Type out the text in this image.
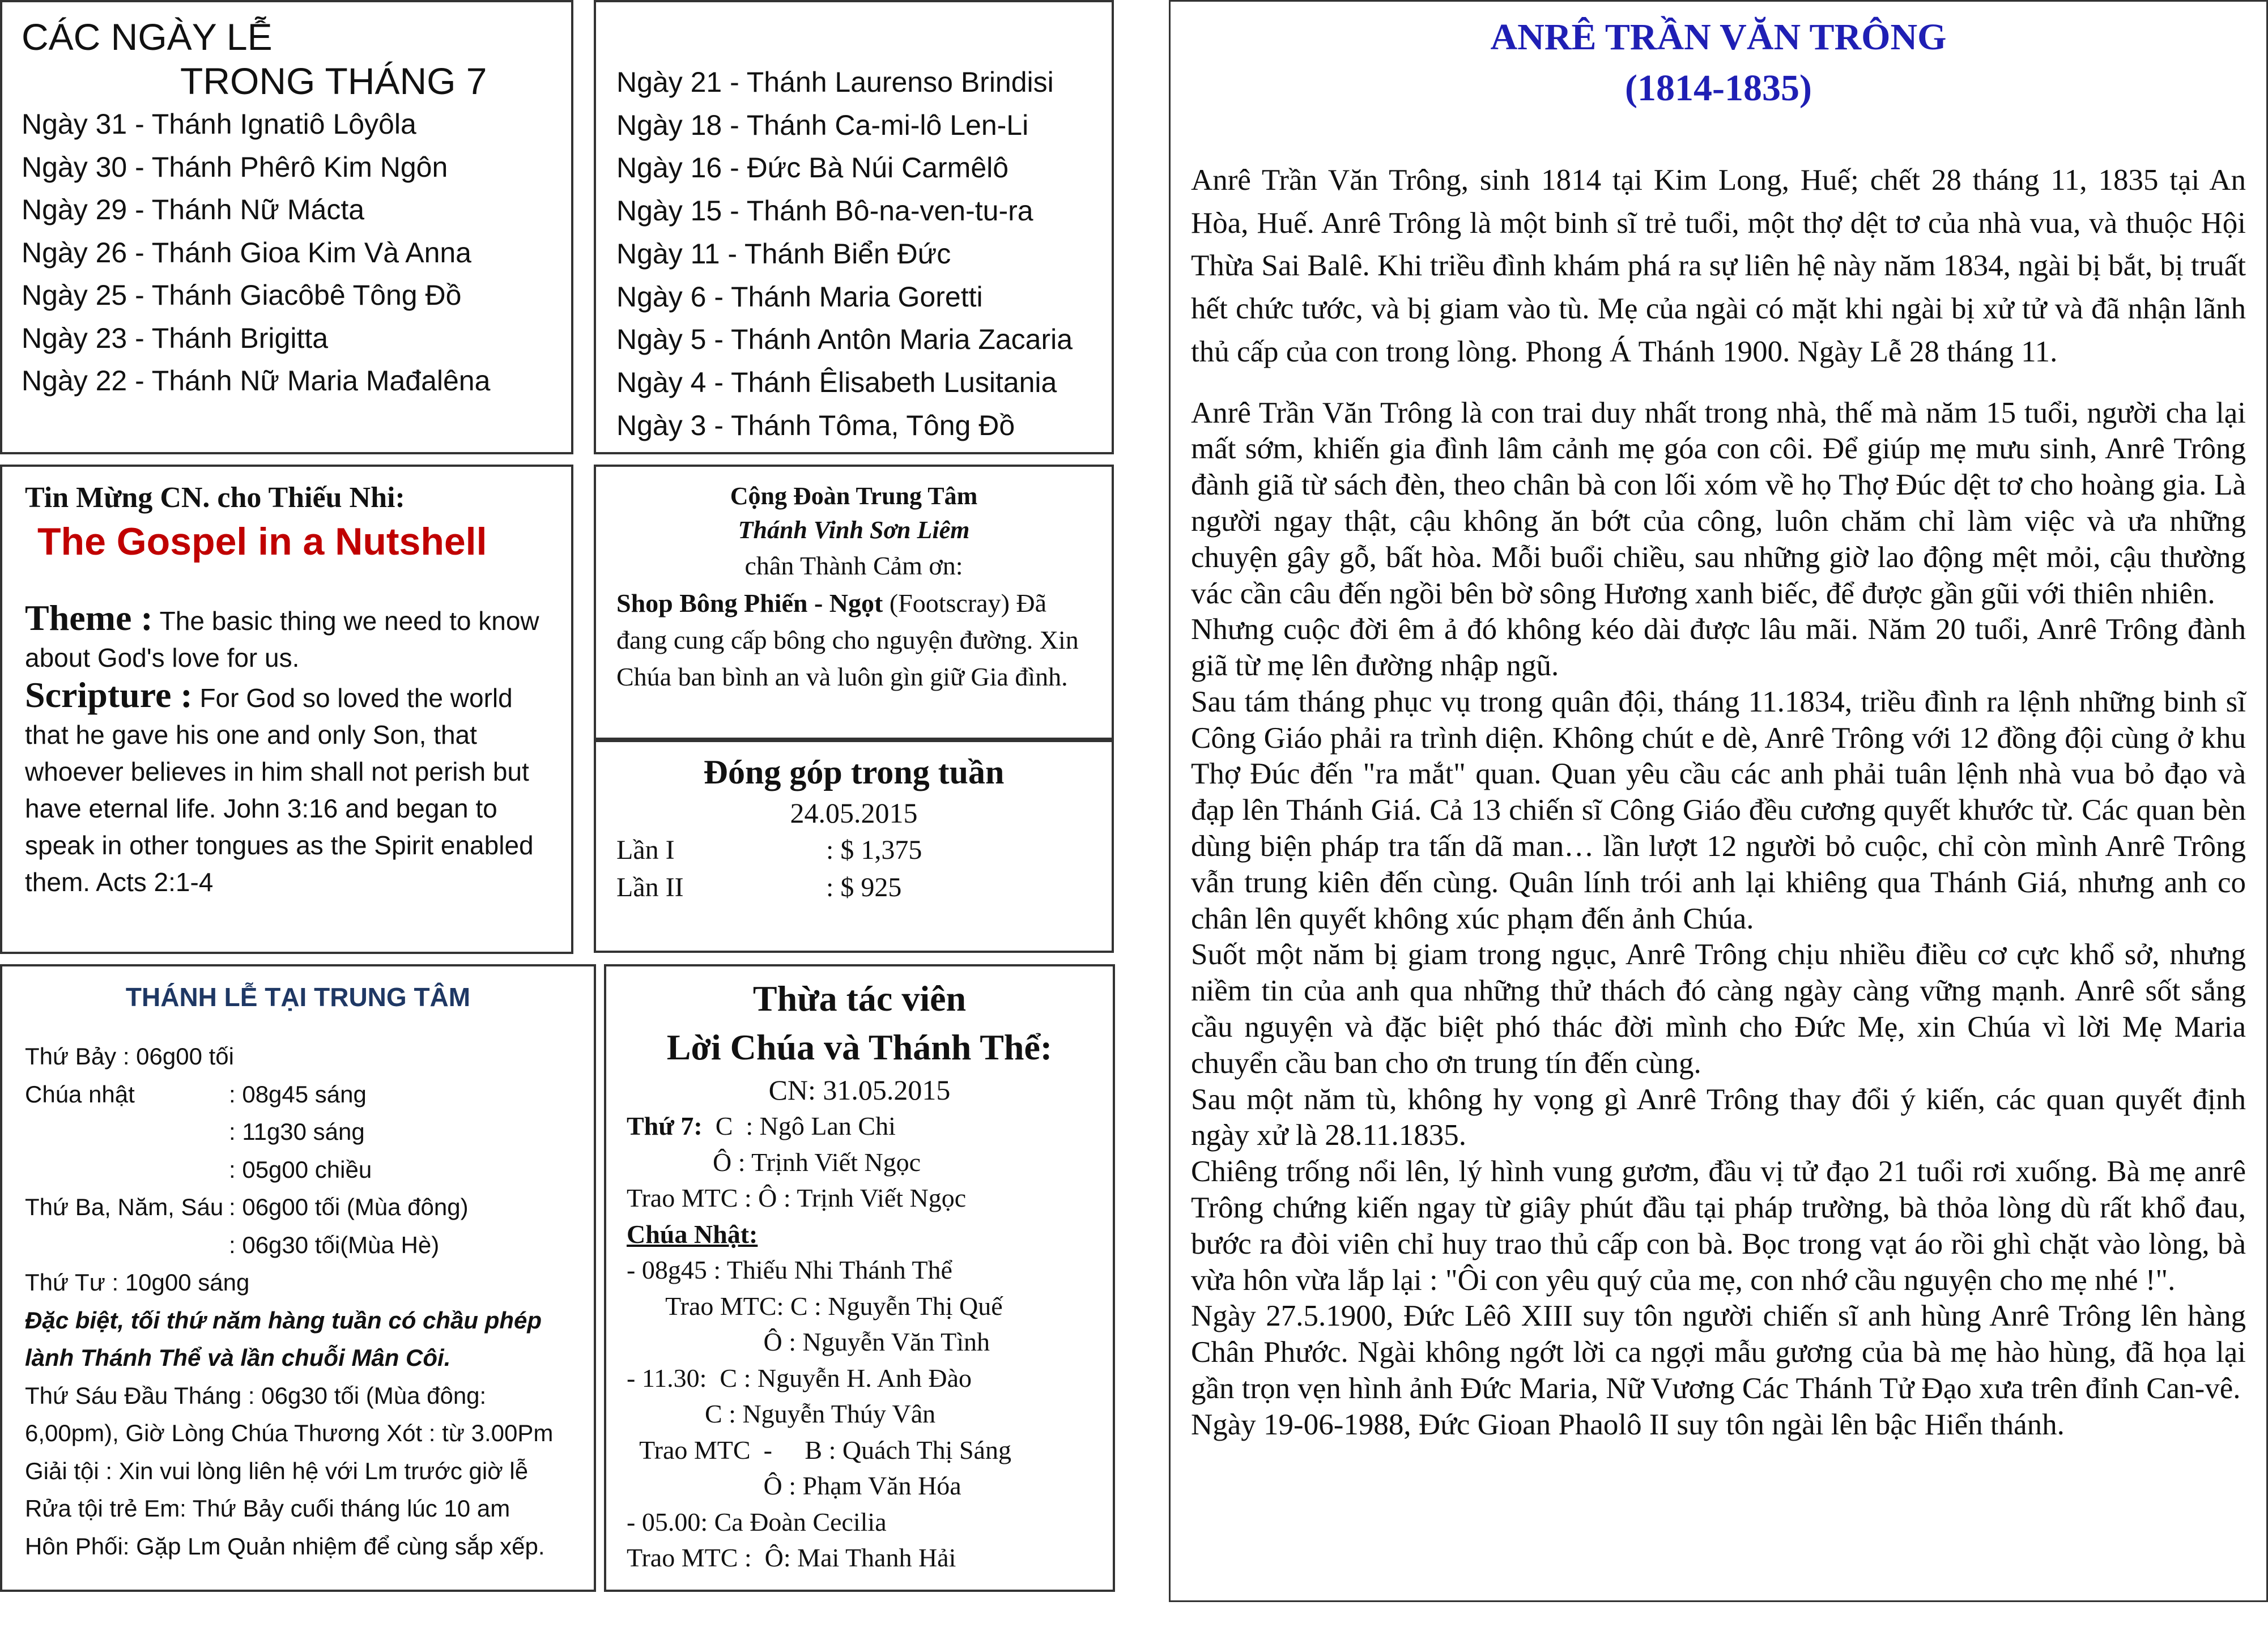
CÁC NGÀY LỄ
TRONG THÁNG 7
Ngày 31 - Thánh Ignatiô Lôyôla
Ngày 30 - Thánh Phêrô Kim Ngôn
Ngày 29 - Thánh Nữ Mácta
Ngày 26 - Thánh Gioa Kim Và Anna
Ngày 25 - Thánh Giacôbê Tông Đồ
Ngày 23 - Thánh Brigitta
Ngày 22 - Thánh Nữ Maria Mađalêna
Ngày 21 - Thánh Laurenso Brindisi
Ngày 18 - Thánh Ca-mi-lô Len-Li
Ngày 16 - Đức Bà Núi Carmêlô
Ngày 15 - Thánh Bô-na-ven-tu-ra
Ngày 11 - Thánh Biển Đức
Ngày 6 - Thánh Maria Goretti
Ngày 5 - Thánh Antôn Maria Zacaria
Ngày 4 - Thánh Êlisabeth Lusitania
Ngày 3 - Thánh Tôma, Tông Đồ
Tin Mừng CN. cho Thiếu Nhi:
The Gospel in a Nutshell
Theme : The basic thing we need to know about God's love for us.
Scripture : For God so loved the world that he gave his one and only Son, that whoever believes in him shall not perish but have eternal life. John 3:16 and began to speak in other tongues as the Spirit enabled them. Acts 2:1-4
Cộng Đoàn Trung Tâm
Thánh Vinh Sơn Liêm
chân Thành Cảm ơn:
Shop Bông Phiến - Ngọt (Footscray) Đã đang cung cấp bông cho nguyện đường. Xin Chúa ban bình an và luôn gìn giữ Gia đình.
Đóng góp trong tuần
24.05.2015
Lần I	: $ 1,375
Lần II	: $ 925
THÁNH LỄ TẠI TRUNG TÂM
Thứ Bảy : 06g00 tối

Chúa nhật	: 08g45 sáng

: 11g30 sáng

: 05g00 chiều

Thứ Ba, Năm, Sáu : 06g00 tối (Mùa đông)

: 06g30 tối(Mùa Hè)

Thứ Tư : 10g00 sáng

Đặc biệt, tối thứ năm hàng tuần có chầu phép
lành Thánh Thể và lần chuỗi Mân Côi.
Thứ Sáu Đầu Tháng : 06g30 tối (Mùa đông:
6,00pm), Giờ Lòng Chúa Thương Xót : từ 3.00Pm
Giải tội : Xin vui lòng liên hệ với Lm trước giờ lễ
Rửa tội trẻ Em: Thứ Bảy cuối tháng lúc 10 am
Hôn Phối: Gặp Lm Quản nhiệm để cùng sắp xếp.
Thừa tác viên
Lời Chúa và Thánh Thể:
CN: 31.05.2015
Thứ 7:  C  : Ngô Lan Chi
Ô : Trịnh Viết Ngọc
Trao MTC : Ô : Trịnh Viết Ngọc
Chúa Nhật:
- 08g45 : Thiếu Nhi Thánh Thể
Trao MTC: C : Nguyễn Thị Quế
Ô : Nguyễn Văn Tình
- 11.30:  C : Nguyễn H. Anh Đào
C : Nguyễn Thúy Vân
Trao MTC  -     B : Quách Thị Sáng
Ô : Phạm Văn Hóa
- 05.00: Ca Đoàn Cecilia
Trao MTC :  Ô: Mai Thanh Hải
ANRÊ TRẦN VĂN TRÔNG
(1814-1835)
Anrê Trần Văn Trông, sinh 1814 tại Kim Long, Huế; chết 28 tháng 11, 1835 tại An Hòa, Huế. Anrê Trông là một binh sĩ trẻ tuổi, một thợ dệt tơ của nhà vua, và thuộc Hội Thừa Sai Balê. Khi triều đình khám phá ra sự liên hệ này năm 1834, ngài bị bắt, bị truất hết chức tước, và bị giam vào tù. Mẹ của ngài có mặt khi ngài bị xử tử và đã nhận lãnh thủ cấp của con trong lòng. Phong Á Thánh 1900. Ngày Lễ 28 tháng 11.
Anrê Trần Văn Trông là con trai duy nhất trong nhà, thế mà năm 15 tuổi, người cha lại mất sớm, khiến gia đình lâm cảnh mẹ góa con côi. Để giúp mẹ mưu sinh, Anrê Trông đành giã từ sách đèn, theo chân bà con lối xóm về họ Thợ Đúc dệt tơ cho hoàng gia. Là người ngay thật, cậu không ăn bớt của công, luôn chăm chỉ làm việc và ưa những chuyện gây gỗ, bất hòa. Mỗi buổi chiều, sau những giờ lao động mệt mỏi, cậu thường vác cần câu đến ngồi bên bờ sông Hương xanh biếc, để được gần gũi với thiên nhiên.
Nhưng cuộc đời êm ả đó không kéo dài được lâu mãi. Năm 20 tuổi, Anrê Trông đành giã từ mẹ lên đường nhập ngũ.
Sau tám tháng phục vụ trong quân đội, tháng 11.1834, triều đình ra lệnh những binh sĩ Công Giáo phải ra trình diện. Không chút e dè, Anrê Trông với 12 đồng đội cùng ở khu Thợ Đúc đến "ra mắt" quan. Quan yêu cầu các anh phải tuân lệnh nhà vua bỏ đạo và đạp lên Thánh Giá. Cả 13 chiến sĩ Công Giáo đều cương quyết khước từ. Các quan bèn dùng biện pháp tra tấn dã man… lần lượt 12 người bỏ cuộc, chỉ còn mình Anrê Trông vẫn trung kiên đến cùng. Quân lính trói anh lại khiêng qua Thánh Giá, nhưng anh co chân lên quyết không xúc phạm đến ảnh Chúa.
Suốt một năm bị giam trong ngục, Anrê Trông chịu nhiều điều cơ cực khổ sở, nhưng niềm tin của anh qua những thử thách đó càng ngày càng vững mạnh. Anrê sốt sắng cầu nguyện và đặc biệt phó thác đời mình cho Đức Mẹ, xin Chúa vì lời Mẹ Maria chuyển cầu ban cho ơn trung tín đến cùng.
Sau một năm tù, không hy vọng gì Anrê Trông thay đổi ý kiến, các quan quyết định ngày xử là 28.11.1835.
Chiêng trống nổi lên, lý hình vung gươm, đầu vị tử đạo 21 tuổi rơi xuống. Bà mẹ anrê Trông chứng kiến ngay từ giây phút đầu tại pháp trường, bà thỏa lòng dù rất khổ đau, bước ra đòi viên chỉ huy trao thủ cấp con bà. Bọc trong vạt áo rồi ghì chặt vào lòng, bà vừa hôn vừa lắp lại : "Ôi con yêu quý của mẹ, con nhớ cầu nguyện cho mẹ nhé !".
Ngày 27.5.1900, Đức Lêô XIII suy tôn người chiến sĩ anh hùng Anrê Trông lên hàng Chân Phước. Ngài không ngớt lời ca ngợi mẫu gương của bà mẹ hào hùng, đã họa lại gần trọn vẹn hình ảnh Đức Maria, Nữ Vương Các Thánh Tử Đạo xưa trên đỉnh Can-vê.
Ngày 19-06-1988, Đức Gioan Phaolô II suy tôn ngài lên bậc Hiển thánh.
